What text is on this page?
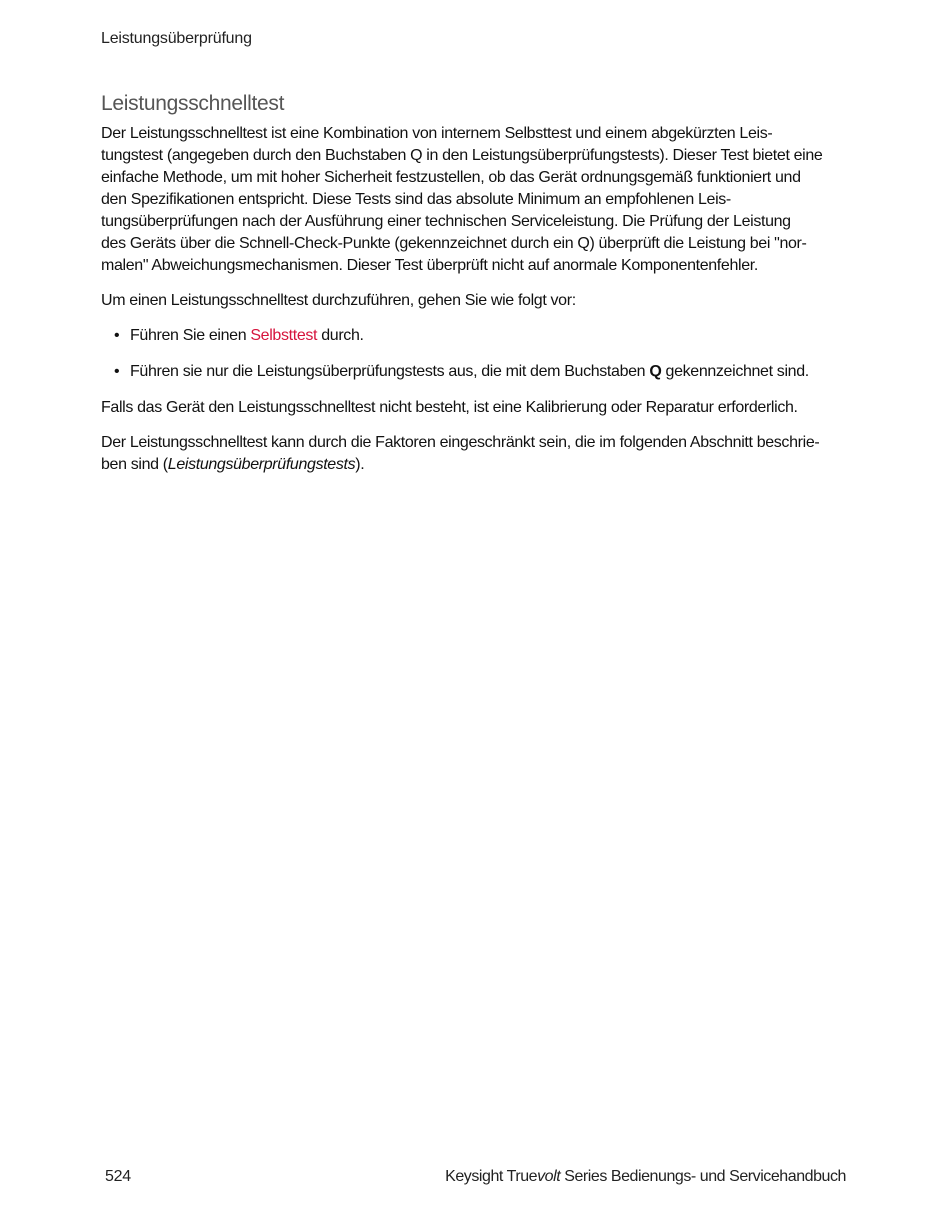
Leistungsüberprüfung
Leistungsschnelltest

Der Leistungsschnelltest ist eine Kombination von internem Selbsttest und einem abgekürzten Leis-
tungstest (angegeben durch den Buchstaben Q in den Leistungsüberprüfungstests). Dieser Test bietet eine
einfache Methode, um mit hoher Sicherheit festzustellen, ob das Gerät ordnungsgemäß funktioniert und
den Spezifikationen entspricht. Diese Tests sind das absolute Minimum an empfohlenen Leis-
tungsüberprüfungen nach der Ausführung einer technischen Serviceleistung. Die Prüfung der Leistung
des Geräts über die Schnell-Check-Punkte (gekennzeichnet durch ein Q) überprüft die Leistung bei "nor-
malen" Abweichungsmechanismen. Dieser Test überprüft nicht auf anormale Komponentenfehler.

Um einen Leistungsschnelltest durchzuführen, gehen Sie wie folgt vor:

• Führen Sie einen Selbsttest durch.
• Führen sie nur die Leistungsüberprüfungstests aus, die mit dem Buchstaben Q gekennzeichnet sind.

Falls das Gerät den Leistungsschnelltest nicht besteht, ist eine Kalibrierung oder Reparatur erforderlich.

Der Leistungsschnelltest kann durch die Faktoren eingeschränkt sein, die im folgenden Abschnitt beschrie-
ben sind (Leistungsüberprüfungstests).

524	Keysight Truevolt Series Bedienungs- und Servicehandbuch
